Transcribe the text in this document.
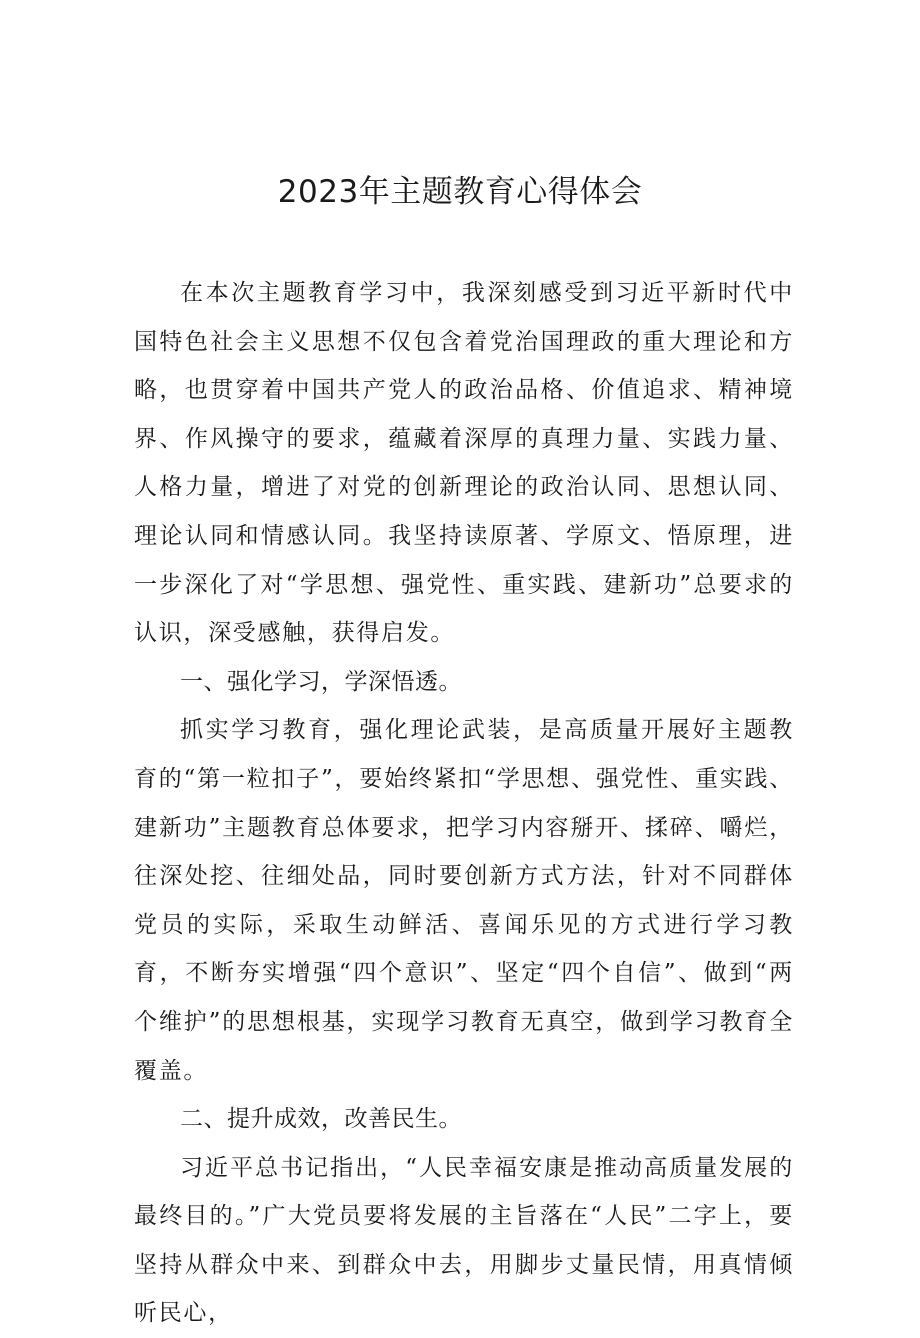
2023年主题教育心得体会

在本次主题教育学习中，我深刻感受到习近平新时代中国特色社会主义思想不仅包含着党治国理政的重大理论和方略，也贯穿着中国共产党人的政治品格、价值追求、精神境界、作风操守的要求，蕴藏着深厚的真理力量、实践力量、人格力量，增进了对党的创新理论的政治认同、思想认同、理论认同和情感认同。我坚持读原著、学原文、悟原理，进一步深化了对“学思想、强党性、重实践、建新功”总要求的认识，深受感触，获得启发。

一、强化学习，学深悟透。

抓实学习教育，强化理论武装，是高质量开展好主题教育的“第一粒扣子”，要始终紧扣“学思想、强党性、重实践、建新功”主题教育总体要求，把学习内容掰开、揉碎、嚼烂，往深处挖、往细处品，同时要创新方式方法，针对不同群体党员的实际，采取生动鲜活、喜闻乐见的方式进行学习教育，不断夯实增强“四个意识”、坚定“四个自信”、做到“两个维护”的思想根基，实现学习教育无真空，做到学习教育全覆盖。

二、提升成效，改善民生。

习近平总书记指出，“人民幸福安康是推动高质量发展的最终目的。”广大党员要将发展的主旨落在“人民”二字上，要坚持从群众中来、到群众中去，用脚步丈量民情，用真情倾听民心，
